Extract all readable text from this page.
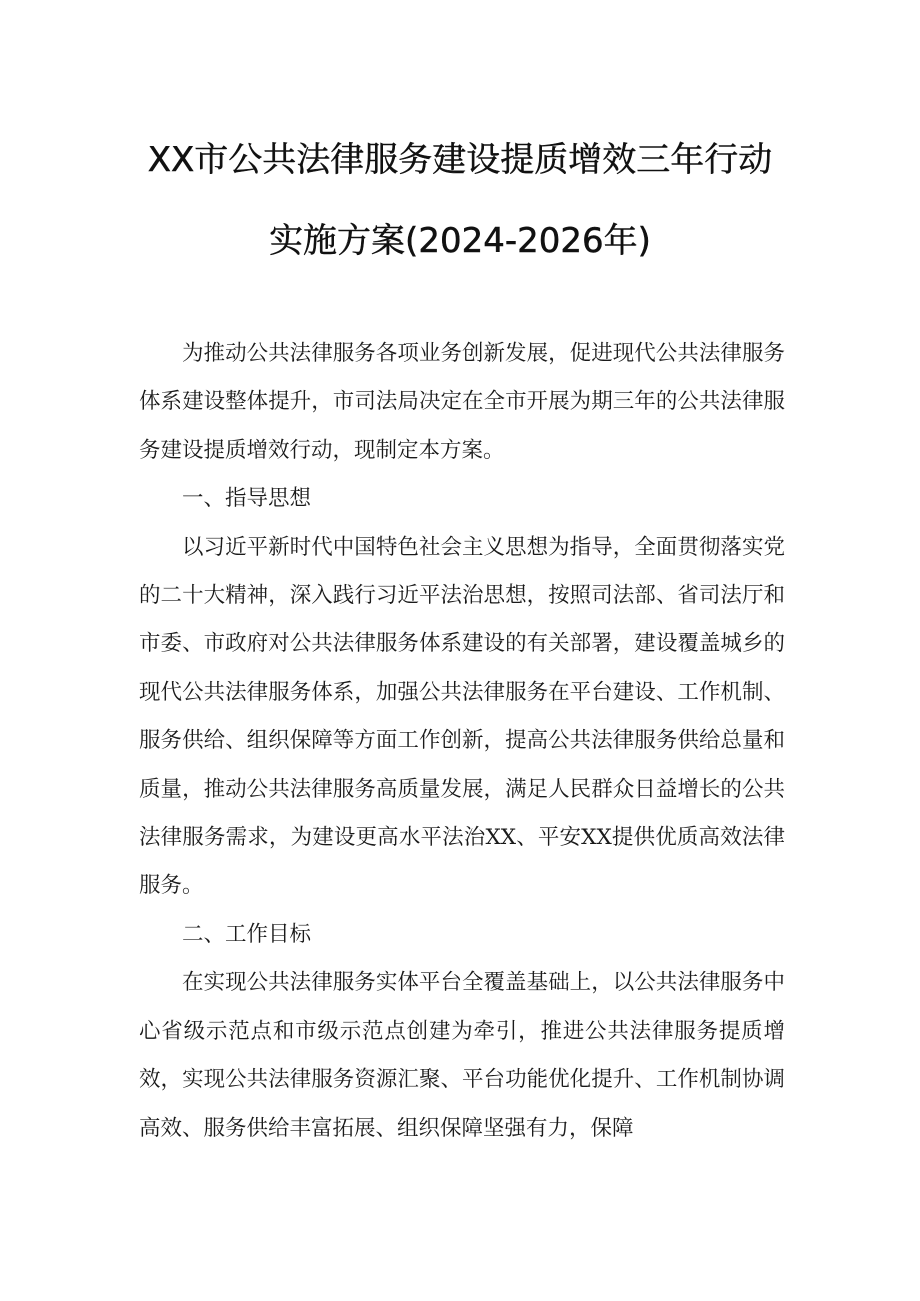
XX市公共法律服务建设提质增效三年行动
实施方案(2024-2026年)

为推动公共法律服务各项业务创新发展，促进现代公共法律服务体系建设整体提升，市司法局决定在全市开展为期三年的公共法律服务建设提质增效行动，现制定本方案。

一、指导思想

以习近平新时代中国特色社会主义思想为指导，全面贯彻落实党的二十大精神，深入践行习近平法治思想，按照司法部、省司法厅和市委、市政府对公共法律服务体系建设的有关部署，建设覆盖城乡的现代公共法律服务体系，加强公共法律服务在平台建设、工作机制、服务供给、组织保障等方面工作创新，提高公共法律服务供给总量和质量，推动公共法律服务高质量发展，满足人民群众日益增长的公共法律服务需求，为建设更高水平法治XX、平安XX提供优质高效法律服务。

二、工作目标

在实现公共法律服务实体平台全覆盖基础上，以公共法律服务中心省级示范点和市级示范点创建为牵引，推进公共法律服务提质增效，实现公共法律服务资源汇聚、平台功能优化提升、工作机制协调高效、服务供给丰富拓展、组织保障坚强有力，保障
